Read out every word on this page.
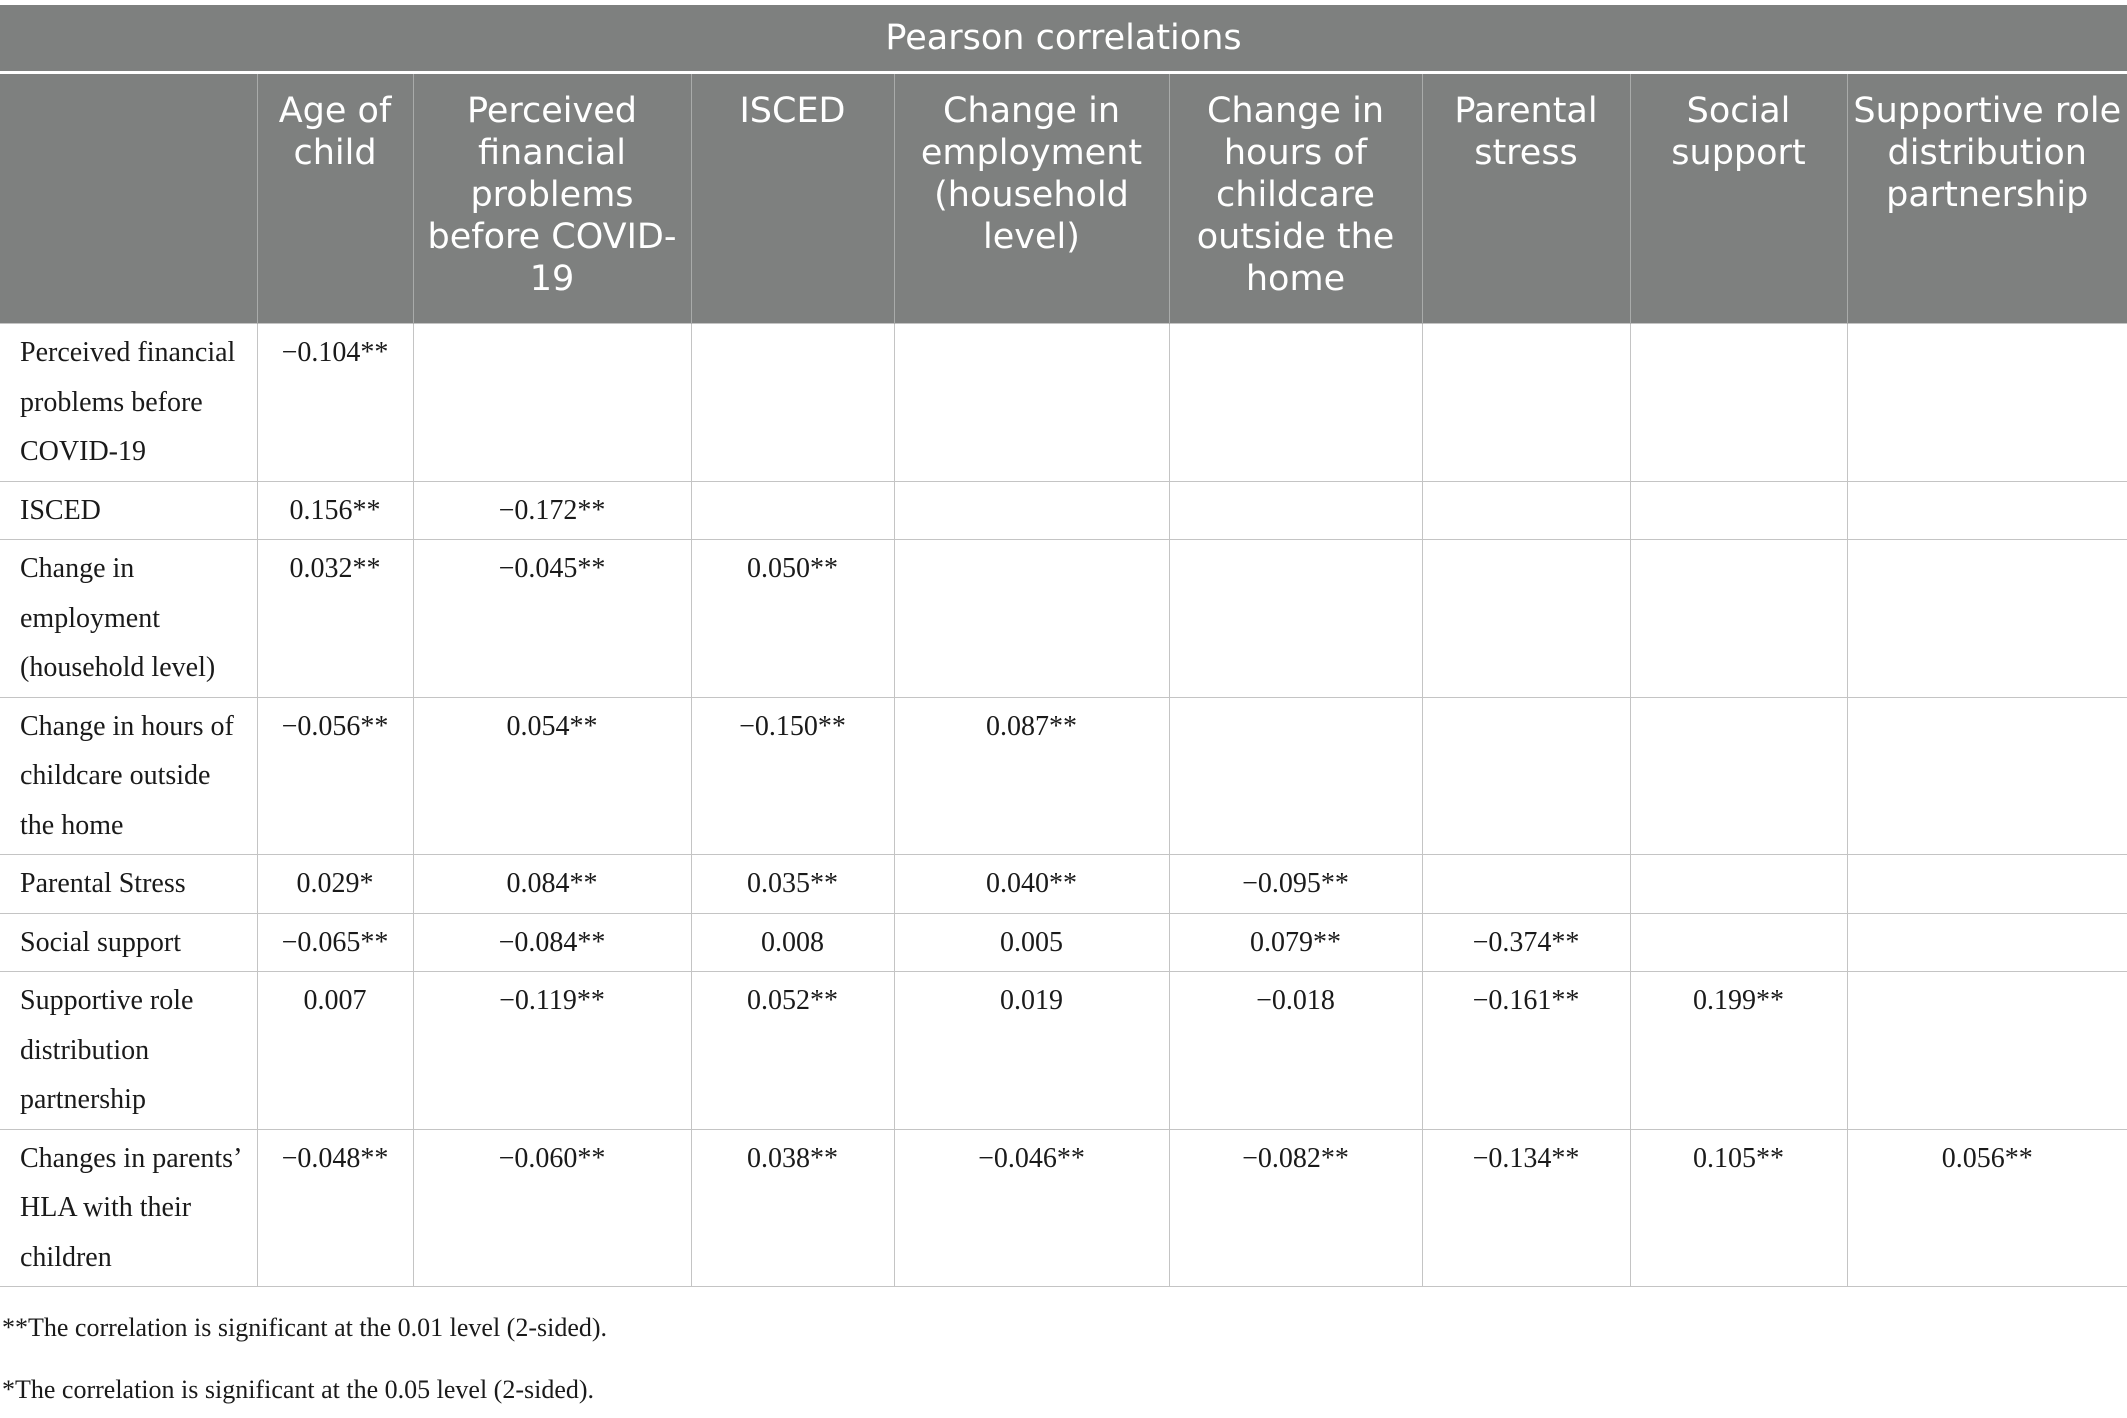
Pearson correlations								
	Age of child	Perceived financial problems before COVID-19	ISCED	Change in employment (household level)	Change in hours of childcare outside the home	Parental stress	Social support	Supportive role distribution partnership
Perceived financial problems before COVID-19	−0.104**							
ISCED	0.156**	−0.172**						
Change in employment (household level)	0.032**	−0.045**	0.050**					
Change in hours of childcare outside the home	−0.056**	0.054**	−0.150**	0.087**				
Parental Stress	0.029*	0.084**	0.035**	0.040**	−0.095**			
Social support	−0.065**	−0.084**	0.008	0.005	0.079**	−0.374**		
Supportive role distribution partnership	0.007	−0.119**	0.052**	0.019	−0.018	−0.161**	0.199**	
Changes in parents’ HLA with their children	−0.048**	−0.060**	0.038**	−0.046**	−0.082**	−0.134**	0.105**	0.056**
**The correlation is significant at the 0.01 level (2-sided).
*The correlation is significant at the 0.05 level (2-sided).
